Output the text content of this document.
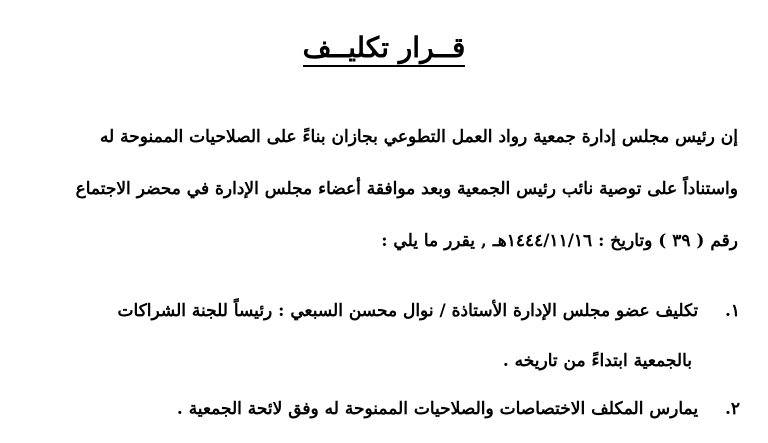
قــرار تكليــف
إن رئيس مجلس إدارة جمعية رواد العمل التطوعي بجازان بناءً على الصلاحيات الممنوحة له
واستناداً على توصية نائب رئيس الجمعية وبعد موافقة أعضاء مجلس الإدارة في محضر الاجتماع
رقم ( ٣٩ ) وتاريخ : ١٤٤٤/١١/١٦هـ , يقرر ما يلي :
١. تكليف عضو مجلس الإدارة الأستاذة / نوال محسن السبعي : رئيساً للجنة الشراكات
بالجمعية ابتداءً من تاريخه .
٢. يمارس المكلف الاختصاصات والصلاحيات الممنوحة له وفق لائحة الجمعية .
